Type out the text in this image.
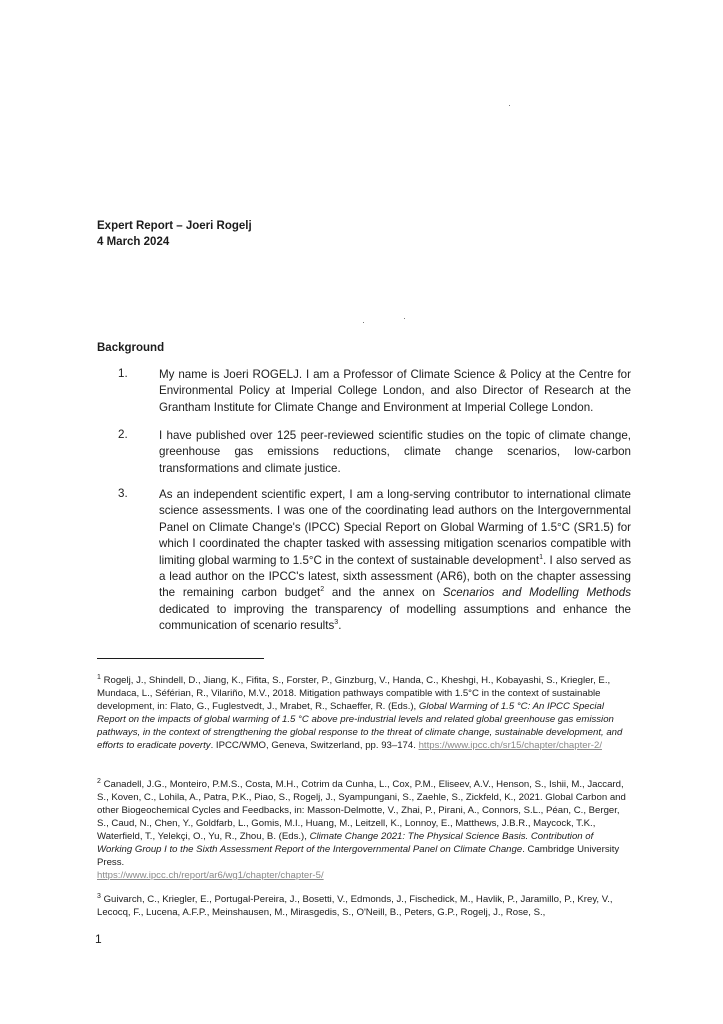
Expert Report – Joeri Rogelj
4 March 2024
Background
1.	My name is Joeri ROGELJ. I am a Professor of Climate Science & Policy at the Centre for Environmental Policy at Imperial College London, and also Director of Research at the Grantham Institute for Climate Change and Environment at Imperial College London.
2.	I have published over 125 peer-reviewed scientific studies on the topic of climate change, greenhouse gas emissions reductions, climate change scenarios, low-carbon transformations and climate justice.
3.	As an independent scientific expert, I am a long-serving contributor to international climate science assessments. I was one of the coordinating lead authors on the Intergovernmental Panel on Climate Change's (IPCC) Special Report on Global Warming of 1.5°C (SR1.5) for which I coordinated the chapter tasked with assessing mitigation scenarios compatible with limiting global warming to 1.5°C in the context of sustainable development$^1$. I also served as a lead author on the IPCC's latest, sixth assessment (AR6), both on the chapter assessing the remaining carbon budget$^2$ and the annex on Scenarios and Modelling Methods dedicated to improving the transparency of modelling assumptions and enhance the communication of scenario results$^3$.
$^1$ Rogelj, J., Shindell, D., Jiang, K., Fifita, S., Forster, P., Ginzburg, V., Handa, C., Kheshgi, H., Kobayashi, S., Kriegler, E., Mundaca, L., Séférian, R., Vilariño, M.V., 2018. Mitigation pathways compatible with 1.5°C in the context of sustainable development, in: Flato, G., Fuglestvedt, J., Mrabet, R., Schaeffer, R. (Eds.), Global Warming of 1.5 °C: An IPCC Special Report on the impacts of global warming of 1.5 °C above pre-industrial levels and related global greenhouse gas emission pathways, in the context of strengthening the global response to the threat of climate change, sustainable development, and efforts to eradicate poverty. IPCC/WMO, Geneva, Switzerland, pp. 93–174. https://www.ipcc.ch/sr15/chapter/chapter-2/
$^2$ Canadell, J.G., Monteiro, P.M.S., Costa, M.H., Cotrim da Cunha, L., Cox, P.M., Eliseev, A.V., Henson, S., Ishii, M., Jaccard, S., Koven, C., Lohila, A., Patra, P.K., Piao, S., Rogelj, J., Syampungani, S., Zaehle, S., Zickfeld, K., 2021. Global Carbon and other Biogeochemical Cycles and Feedbacks, in: Masson-Delmotte, V., Zhai, P., Pirani, A., Connors, S.L., Péan, C., Berger, S., Caud, N., Chen, Y., Goldfarb, L., Gomis, M.I., Huang, M., Leitzell, K., Lonnoy, E., Matthews, J.B.R., Maycock, T.K., Waterfield, T., Yelekçi, O., Yu, R., Zhou, B. (Eds.), Climate Change 2021: The Physical Science Basis. Contribution of Working Group I to the Sixth Assessment Report of the Intergovernmental Panel on Climate Change. Cambridge University Press.
https://www.ipcc.ch/report/ar6/wg1/chapter/chapter-5/
$^3$ Guivarch, C., Kriegler, E., Portugal-Pereira, J., Bosetti, V., Edmonds, J., Fischedick, M., Havlik, P., Jaramillo, P., Krey, V., Lecocq, F., Lucena, A.F.P., Meinshausen, M., Mirasgedis, S., O'Neill, B., Peters, G.P., Rogelj, J., Rose, S.,
1
